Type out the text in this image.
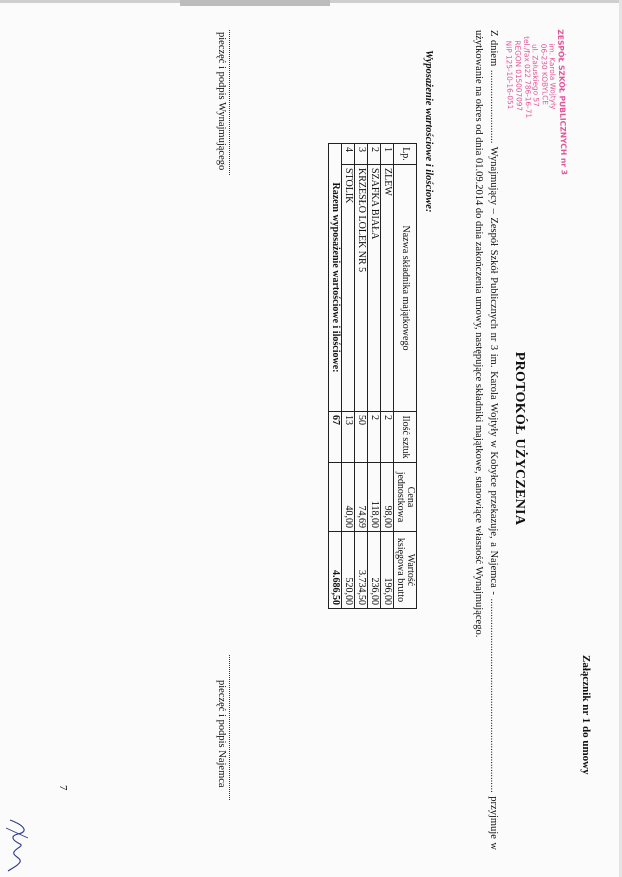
Załącznik nr 1 do umowy
ZESPÓŁ SZKÓŁ PUBLICZNYCH nr 3
im. Karola Wojtyły
06-230 KOBYLCE
ul. Załuskiego 57
tel./fax 022 786-16-71
REGON 015007097
NIP 125-10-16-051
PROTOKÓŁ UŻYCZENIA
Z dniem ............................ Wynajmujący – Zespół Szkół Publicznych nr 3 im. Karola Wojtyły w Kobyłce przekazuje, a Najemca - .......................................................................... przyjmuje w użytkowanie na okres od dnia 01.09.2014 do dnia zakończenia umowy, następujące składniki majątkowe, stanowiące własność Wynajmującego.
Wyposażenie wartościowe i ilościowe:
Lp.	Nazwa składnika majątkowego	Ilość sztuk	Cena jednostkowa	Wartość księgowa brutto
1	ZLEW	2	98,00	196,00
2	SZAFKA BIAŁA	2	118,00	236,00
3	KRZESŁO LOLEK NR 5	50	74,69	3.734,50
4	STOLIK	13	40,00	520,00
Razem wyposażenie wartościowe i ilościowe:		67		4.686,50
pieczęć i podpis Wynajmującego
pieczęć i podpis Najemca
7
